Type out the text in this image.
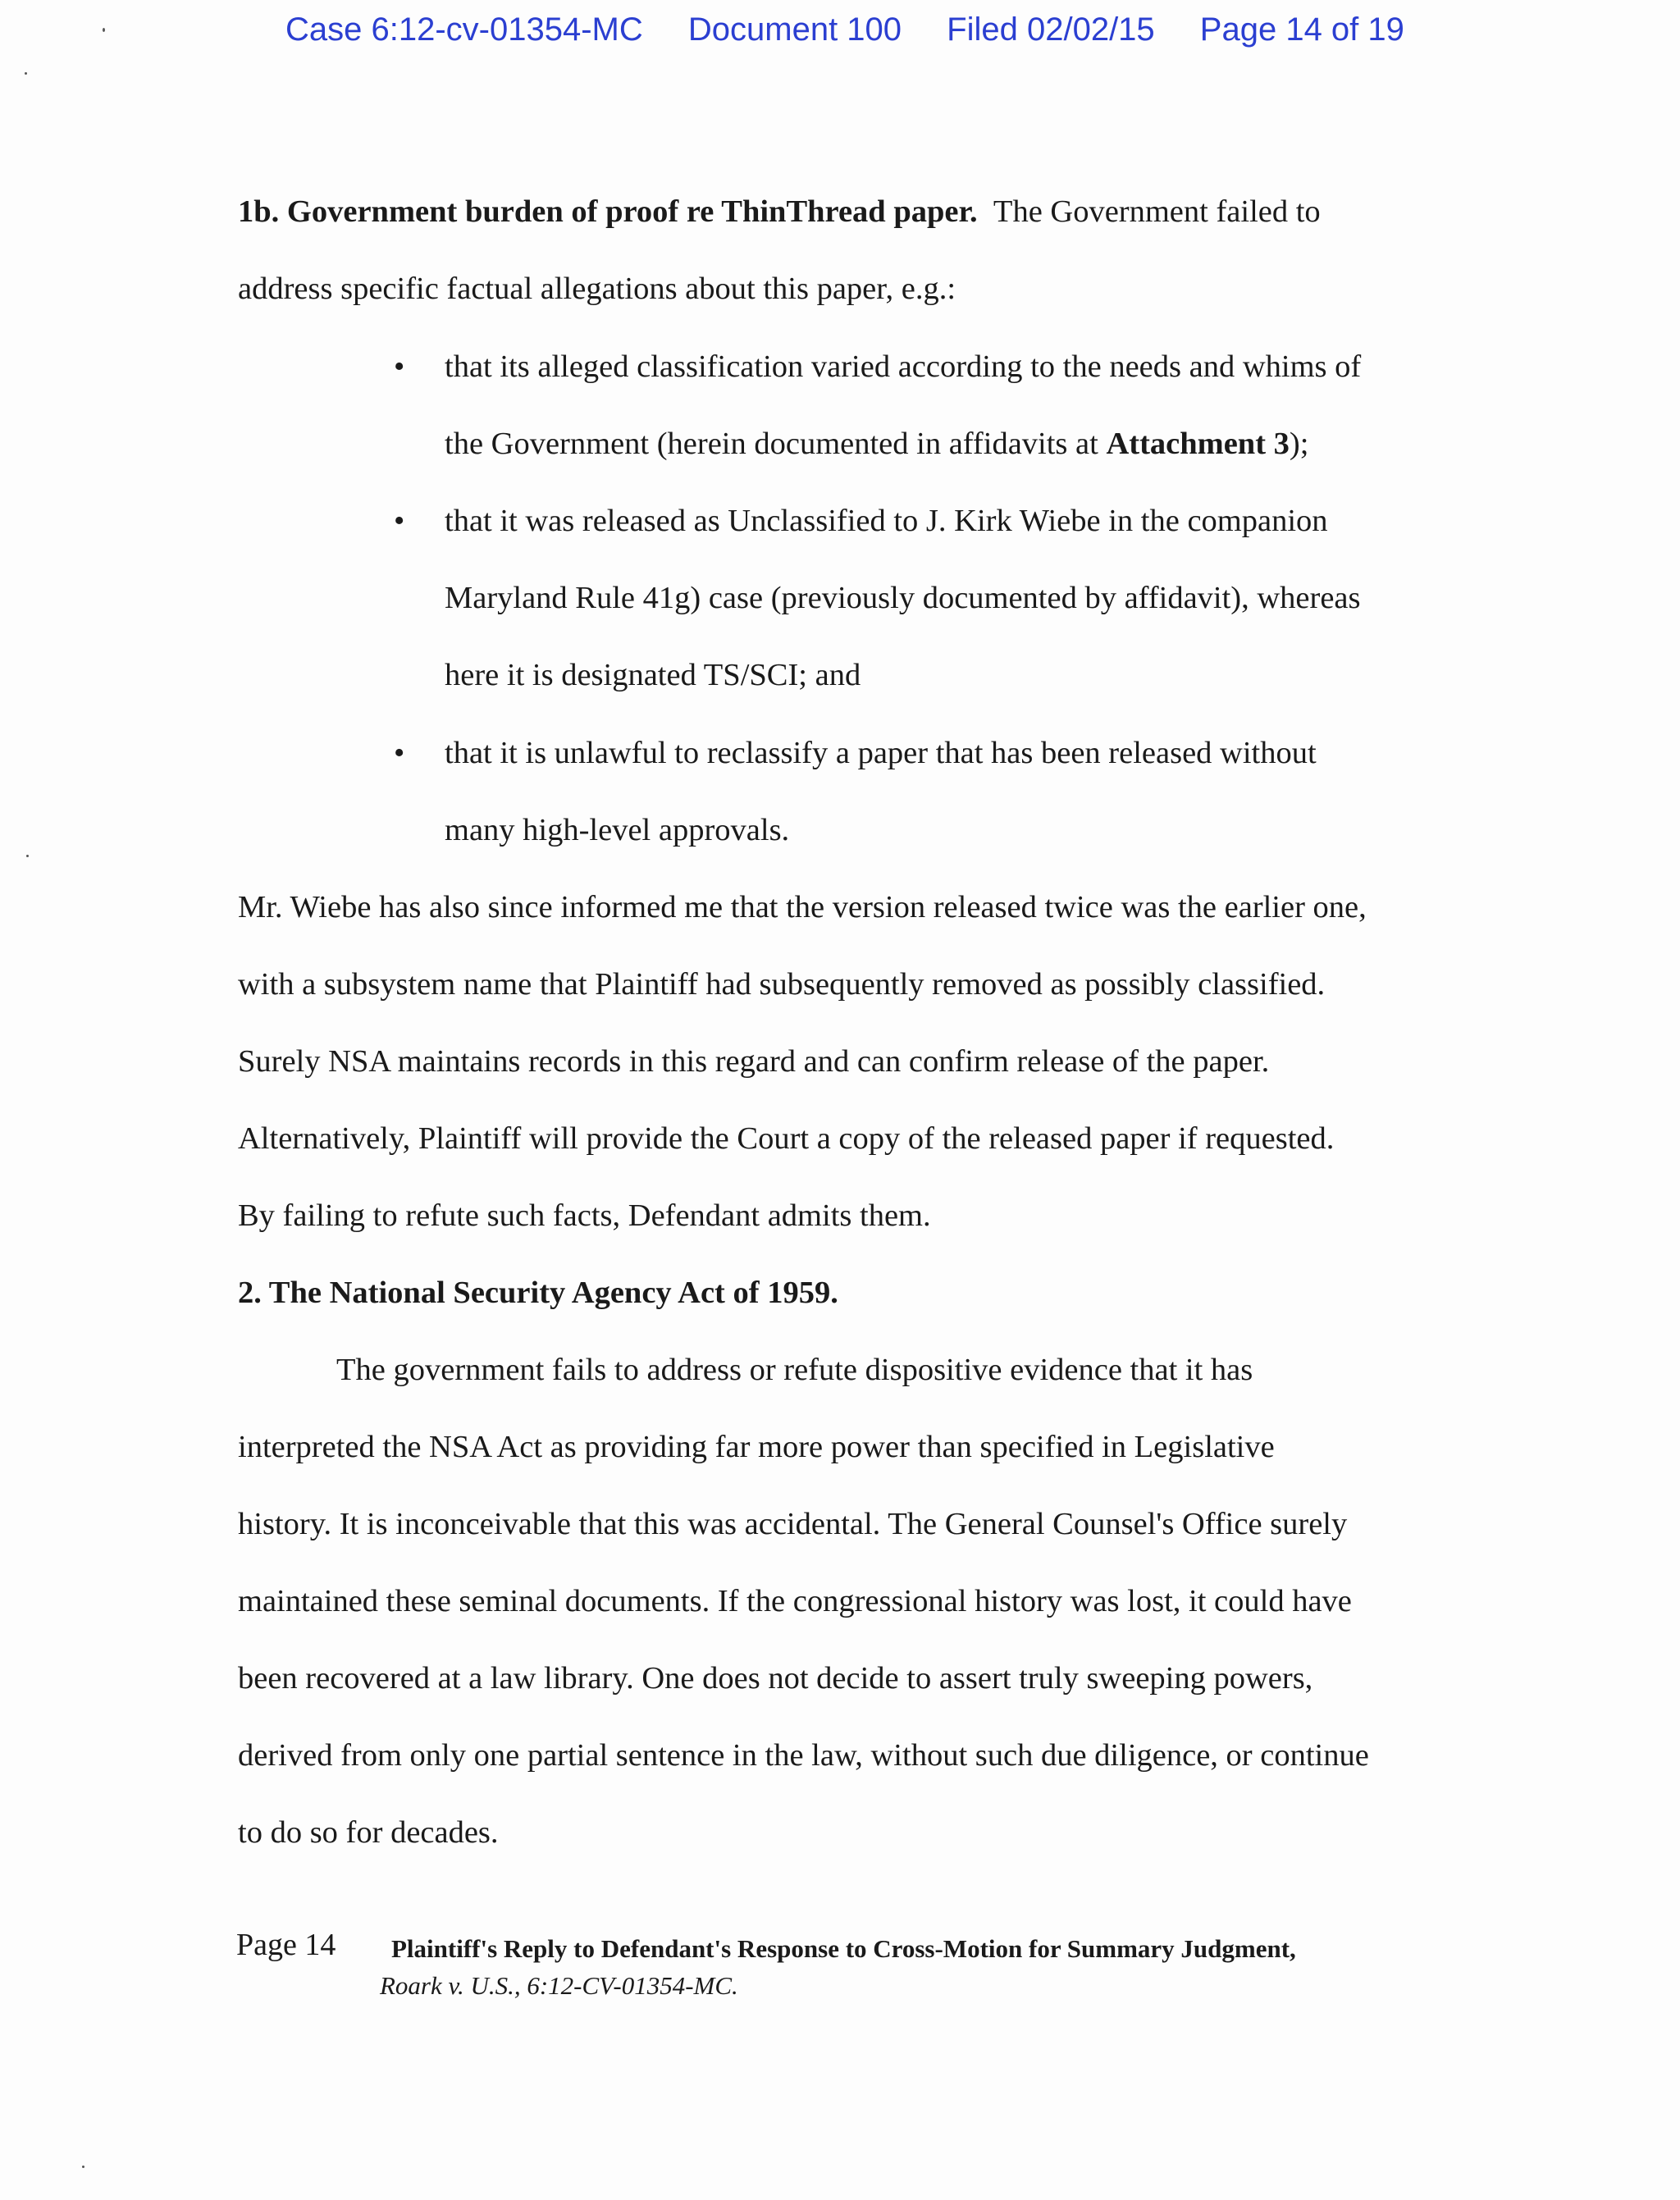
Case 6:12-cv-01354-MC Document 100 Filed 02/02/15 Page 14 of 19
1b. Government burden of proof re ThinThread paper. The Government failed to
address specific factual allegations about this paper, e.g.:
• that its alleged classification varied according to the needs and whims of
the Government (herein documented in affidavits at Attachment 3);
• that it was released as Unclassified to J. Kirk Wiebe in the companion
Maryland Rule 41g) case (previously documented by affidavit), whereas
here it is designated TS/SCI; and
• that it is unlawful to reclassify a paper that has been released without
many high-level approvals.
Mr. Wiebe has also since informed me that the version released twice was the earlier one,
with a subsystem name that Plaintiff had subsequently removed as possibly classified.
Surely NSA maintains records in this regard and can confirm release of the paper.
Alternatively, Plaintiff will provide the Court a copy of the released paper if requested.
By failing to refute such facts, Defendant admits them.
2. The National Security Agency Act of 1959.
The government fails to address or refute dispositive evidence that it has
interpreted the NSA Act as providing far more power than specified in Legislative
history. It is inconceivable that this was accidental. The General Counsel's Office surely
maintained these seminal documents. If the congressional history was lost, it could have
been recovered at a law library. One does not decide to assert truly sweeping powers,
derived from only one partial sentence in the law, without such due diligence, or continue
to do so for decades.
Page 14 Plaintiff's Reply to Defendant's Response to Cross-Motion for Summary Judgment,
Roark v. U.S., 6:12-CV-01354-MC.
